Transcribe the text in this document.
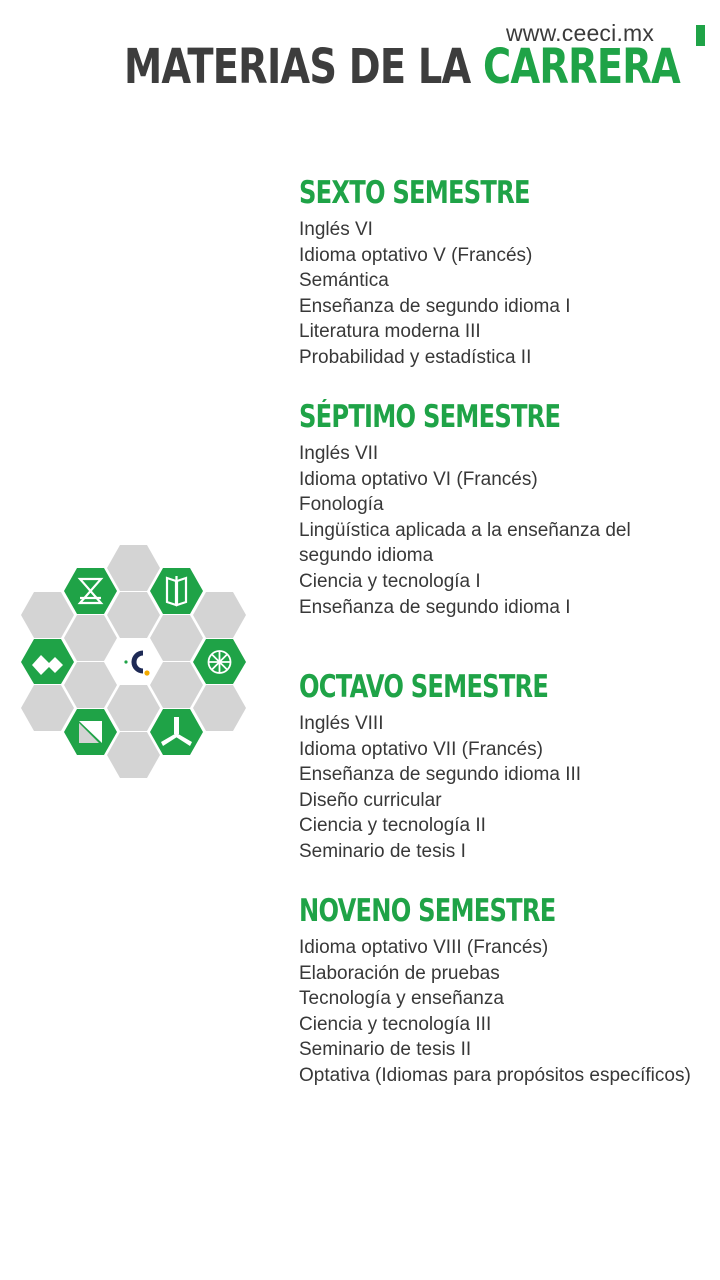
www.ceeci.mx
MATERIAS DE LA CARRERA
SEXTO SEMESTRE
Inglés VI
Idioma optativo V (Francés)
Semántica
Enseñanza de segundo idioma I
Literatura moderna III
Probabilidad y estadística II
SÉPTIMO SEMESTRE
Inglés VII
Idioma optativo VI (Francés)
Fonología
Lingüística aplicada a la enseñanza del segundo idioma
Ciencia y tecnología I
Enseñanza de segundo idioma I
OCTAVO SEMESTRE
Inglés VIII
Idioma optativo VII (Francés)
Enseñanza de segundo idioma III
Diseño curricular
Ciencia y tecnología II
Seminario de tesis I
NOVENO SEMESTRE
Idioma optativo VIII (Francés)
Elaboración de pruebas
Tecnología y enseñanza
Ciencia y tecnología III
Seminario de tesis II
Optativa (Idiomas para propósitos específicos)
